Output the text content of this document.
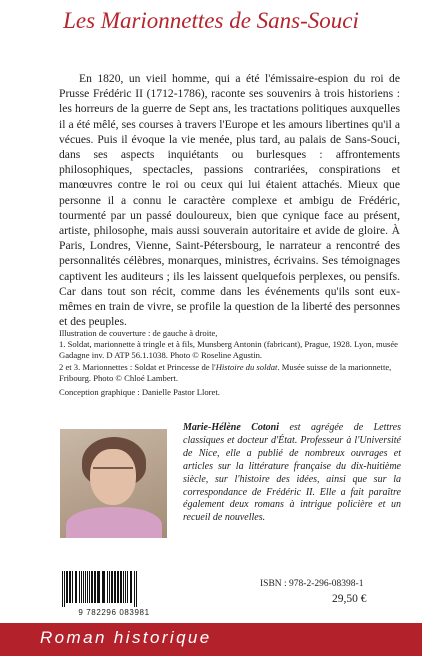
Les Marionnettes de Sans-Souci

En 1820, un vieil homme, qui a été l'émissaire-espion du roi de Prusse Frédéric II (1712-1786), raconte ses souvenirs à trois historiens : les horreurs de la guerre de Sept ans, les tractations politiques auxquelles il a été mêlé, ses courses à travers l'Europe et les amours libertines qu'il a vécues. Puis il évoque la vie menée, plus tard, au palais de Sans-Souci, dans ses aspects inquiétants ou burlesques : affrontements philosophiques, spectacles, passions contrariées, conspirations et manœuvres contre le roi ou ceux qui lui étaient attachés. Mieux que personne il a connu le caractère complexe et ambigu de Frédéric, tourmenté par un passé douloureux, bien que cynique face au présent, artiste, philosophe, mais aussi souverain autoritaire et avide de gloire. À Paris, Londres, Vienne, Saint-Pétersbourg, le narrateur a rencontré des personnalités célèbres, monarques, ministres, écrivains. Ses témoignages captivent les auditeurs ; ils les laissent quelquefois perplexes, ou pensifs. Car dans tout son récit, comme dans les événements qu'ils sont eux-mêmes en train de vivre, se profile la question de la liberté des personnes et des peuples.

Illustration de couverture : de gauche à droite,

1. Soldat, marionnette à tringle et à fils, Munsberg Antonin (fabricant), Prague, 1928. Lyon, musée Gadagne inv. D ATP 56.1.1038. Photo © Roseline Agustin.

2 et 3. Marionnettes : Soldat et Princesse de l'Histoire du soldat. Musée suisse de la marionnette, Fribourg. Photo © Chloé Lambert.

Conception graphique : Danielle Pastor Lloret.

Marie-Hélène Cotoni est agrégée de Lettres classiques et docteur d'État. Professeur à l'Université de Nice, elle a publié de nombreux ouvrages et articles sur la littérature française du dix-huitième siècle, sur l'histoire des idées, ainsi que sur la correspondance de Frédéric II. Elle a fait paraître également deux romans à intrigue policière et un recueil de nouvelles.

9 782296 083981
ISBN : 978-2-296-08398-1
29,50 €
Roman historique
